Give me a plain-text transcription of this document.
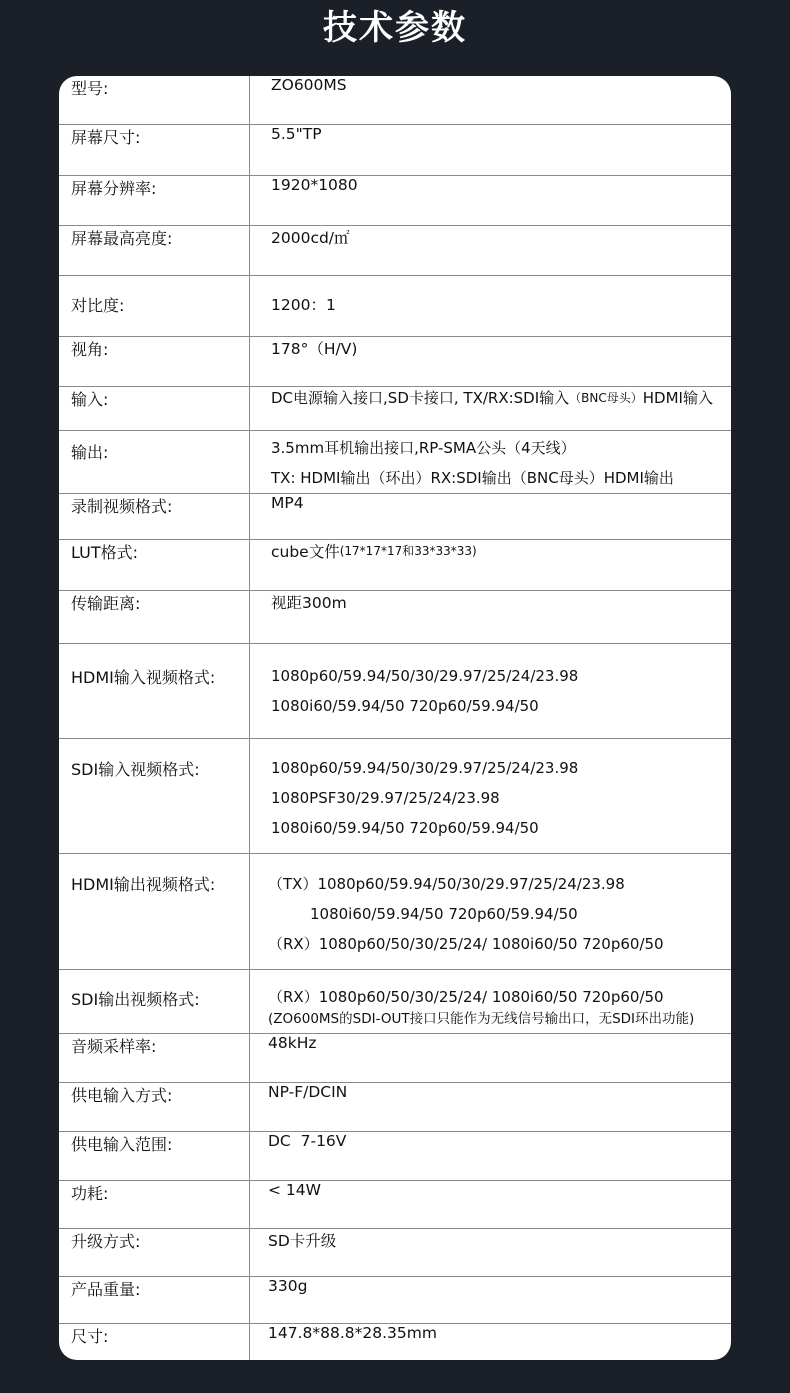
技术参数
型号:	ZO600MS

屏幕尺寸:	5.5"TP

屏幕分辨率:	1920*1080

屏幕最高亮度:	2000cd/㎡

对比度:	1200：1

视角:	178°（H/V)

输入:	DC电源输入接口,SD卡接口, TX/RX:SDI输入 （BNC母头） HDMI输入

输出:	3.5mm耳机输出接口,RP-SMA公头（4天线）
TX: HDMI输出（环出）RX:SDI输出（BNC母头）HDMI输出

录制视频格式:	MP4

LUT格式:	cube文件 (17*17*17和33*33*33)

传输距离:	视距300m

HDMI输入视频格式:	1080p60/59.94/50/30/29.97/25/24/23.98
1080i60/59.94/50 720p60/59.94/50

SDI输入视频格式:	1080p60/59.94/50/30/29.97/25/24/23.98
1080PSF30/29.97/25/24/23.98
1080i60/59.94/50 720p60/59.94/50

HDMI输出视频格式:	（TX）1080p60/59.94/50/30/29.97/25/24/23.98
1080i60/59.94/50 720p60/59.94/50
（RX）1080p60/50/30/25/24/ 1080i60/50 720p60/50

SDI输出视频格式:	（RX）1080p60/50/30/25/24/ 1080i60/50 720p60/50
(ZO600MS的SDI-OUT接口只能作为无线信号输出口，无SDI环出功能)

音频采样率:	48kHz

供电输入方式:	NP-F/DCIN

供电输入范围:	DC  7-16V

功耗:	< 14W

升级方式:	SD卡升级

产品重量:	330g

尺寸:	147.8*88.8*28.35mm
